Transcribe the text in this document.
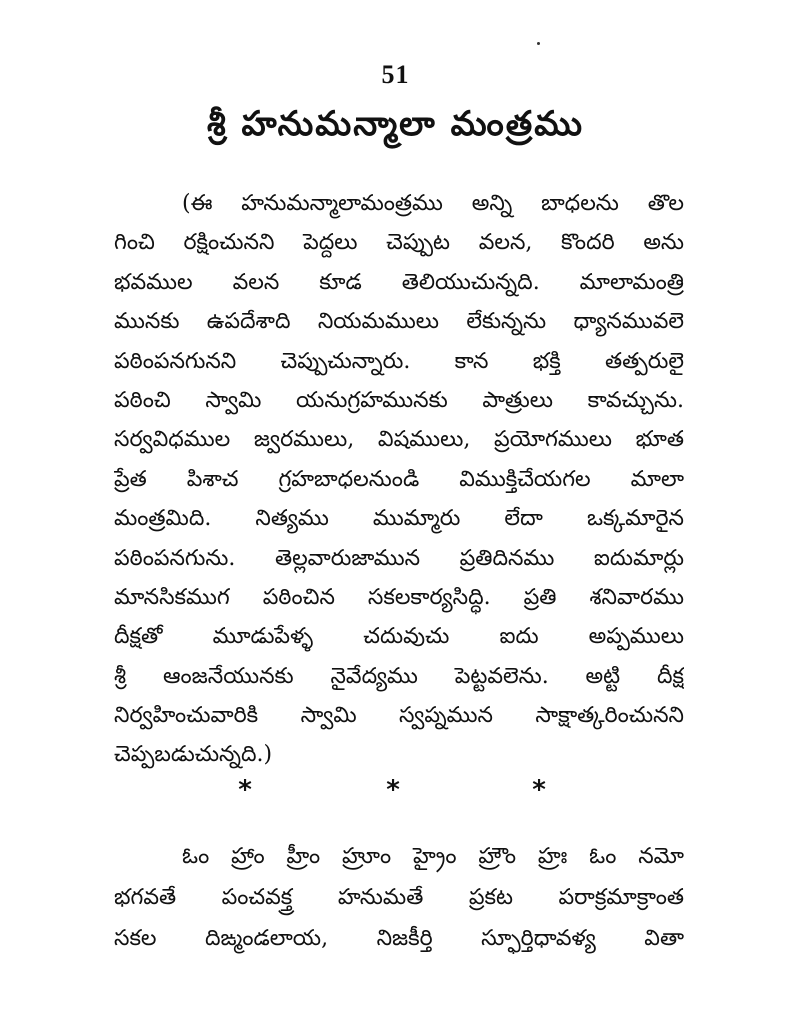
51
శ్రీ హనుమన్మాలా మంత్రము
(ఈ హనుమన్మాలామంత్రము అన్ని బాధలను తొల
గించి రక్షించునని పెద్దలు చెప్పుట వలన, కొందరి అను
భవముల వలన కూడ తెలియుచున్నది. మాలామంత్రి
మునకు ఉపదేశాది నియమములు లేకున్నను ధ్యానమువలె
పఠింపనగునని చెప్పుచున్నారు. కాన భక్తి తత్పరులై
పఠించి స్వామి యనుగ్రహమునకు పాత్రులు కావచ్చును.
సర్వవిధముల జ్వరములు, విషములు, ప్రయోగములు భూత
ప్రేత పిశాచ గ్రహబాధలనుండి విముక్తిచేయగల మాలా
మంత్రమిది. నిత్యము ముమ్మారు లేదా ఒక్కమారైన
పఠింపనగును. తెల్లవారుజామున ప్రతిదినము ఐదుమార్లు
మానసికముగ పఠించిన సకలకార్యసిద్ధి. ప్రతి శనివారము
దీక్షతో మూడుపేళ్ళ చదువుచు ఐదు అప్పములు
శ్రీ ఆంజనేయునకు నైవేద్యము పెట్టవలెను. అట్టి దీక్ష
నిర్వహించువారికి స్వామి స్వప్నమున సాక్షాత్కరించునని
చెప్పబడుచున్నది.)
*	*	*
ఓం హ్రాం హ్రీం హ్రూం హ్రైం హ్రౌం హ్రః ఓం నమో
భగవతే పంచవక్త్ర హనుమతే ప్రకట పరాక్రమాక్రాంత
సకల దిఙ్మండలాయ, నిజకీర్తి స్ఫూర్తిధావళ్య వితా
